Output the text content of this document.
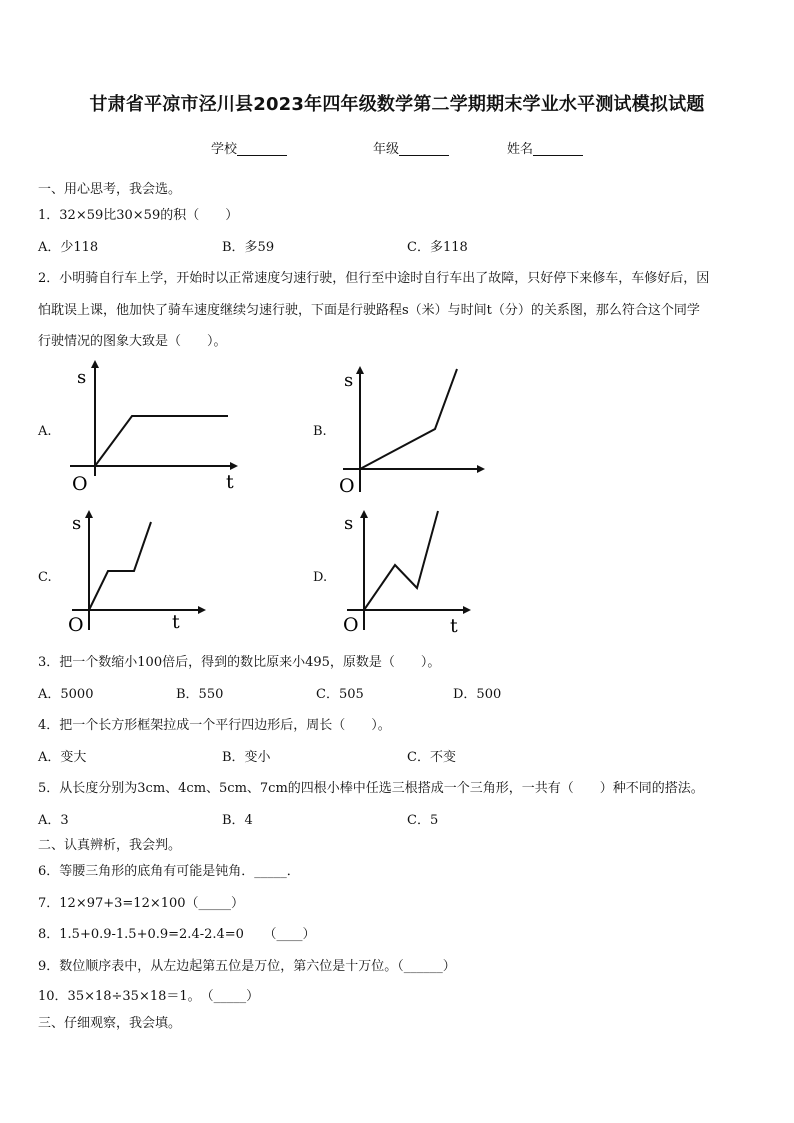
甘肃省平凉市泾川县2023年四年级数学第二学期期末学业水平测试模拟试题
学校	年级	姓名
一、用心思考，我会选。
1．32×59比30×59的积（　　）
A．少118	B．多59	C．多118
2．小明骑自行车上学，开始时以正常速度匀速行驶，但行至中途时自行车出了故障，只好停下来修车，车修好后，因
怕耽误上课，他加快了骑车速度继续匀速行驶，下面是行驶路程s（米）与时间t（分）的关系图，那么符合这个同学
行驶情况的图象大致是（　　）。
A.
s
O	t
B.
s
O
C.
s
O	t
D.
s
O	t
3．把一个数缩小100倍后，得到的数比原来小495，原数是（　　）。
A．5000	B．550	C．505	D．500
4．把一个长方形框架拉成一个平行四边形后，周长（　　）。
A．变大	B．变小	C．不变
5．从长度分别为3cm、4cm、5cm、7cm的四根小棒中任选三根搭成一个三角形，一共有（　　）种不同的搭法。
A．3	B．4	C．5
二、认真辨析，我会判。
6．等腰三角形的底角有可能是钝角．_____．
7．12×97+3=12×100（_____）
8．1.5+0.9-1.5+0.9=2.4-2.4=0　　（____）
9．数位顺序表中，从左边起第五位是万位，第六位是十万位。（______）
10．35×18÷35×18＝1。　（_____）
三、仔细观察，我会填。
